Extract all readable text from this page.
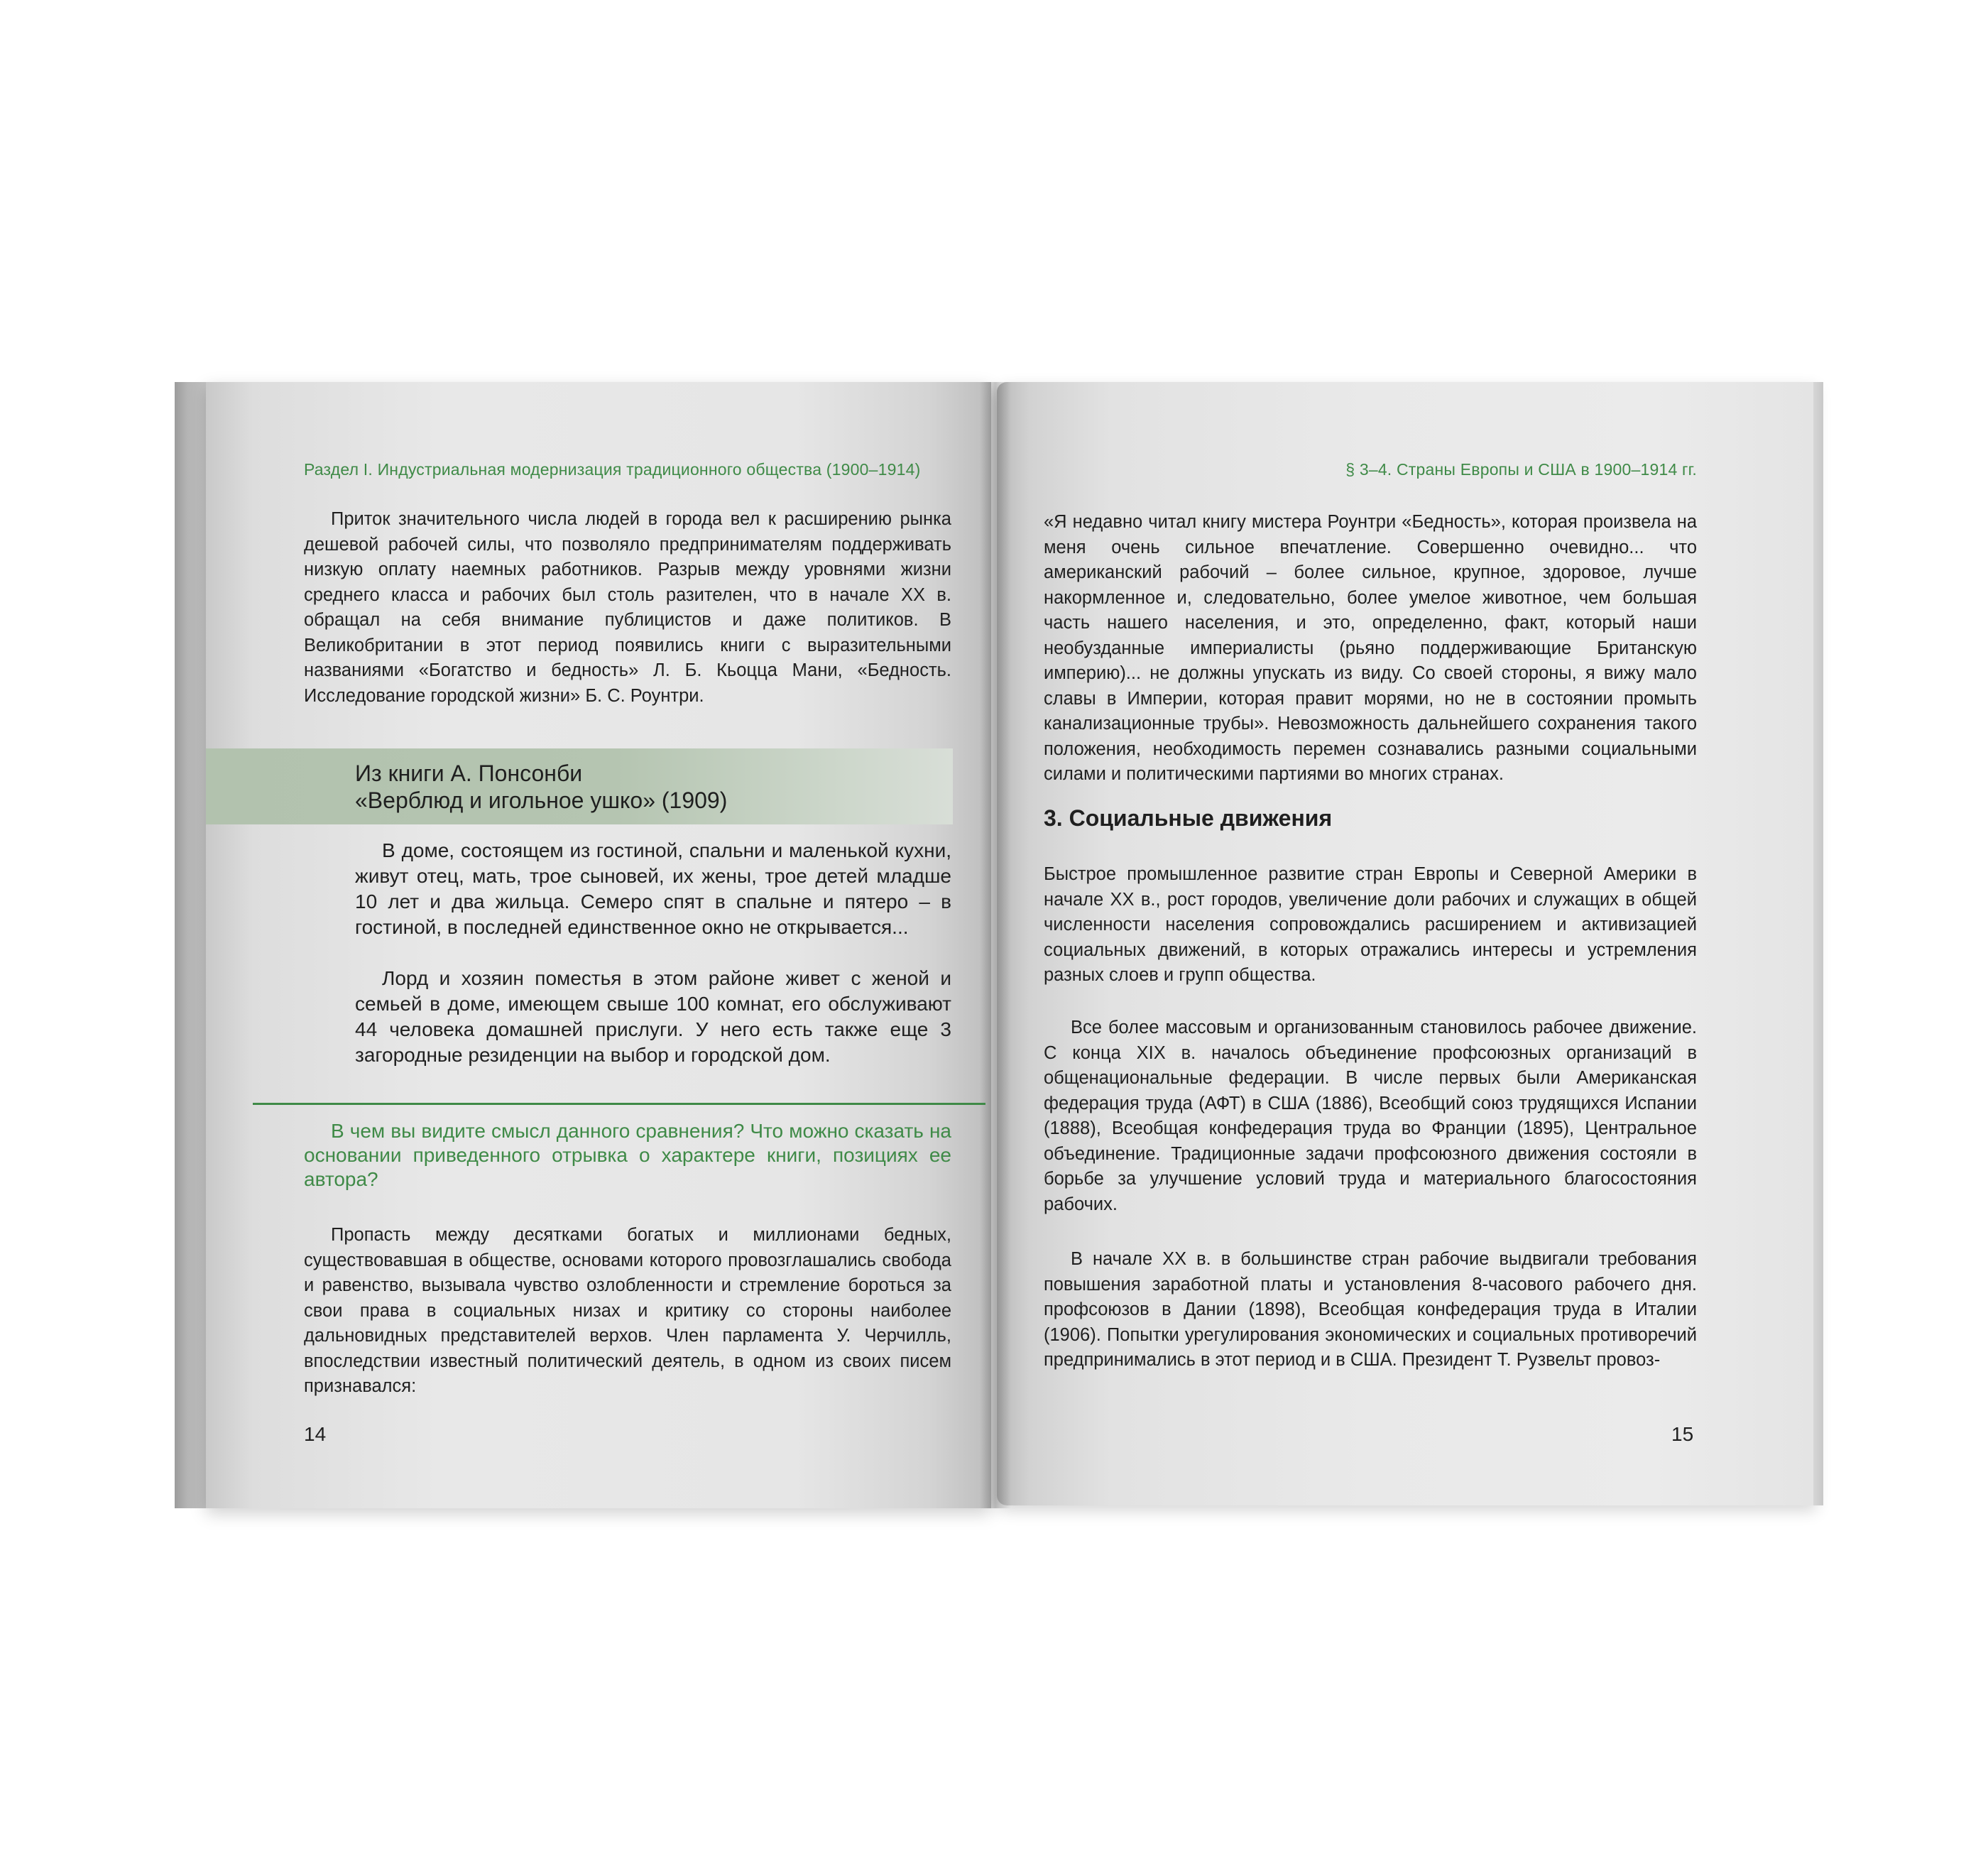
Раздел I. Индустриальная модернизация традиционного общества (1900–1914)
Приток значительного числа людей в города вел к расширению рынка дешевой рабочей силы, что позволяло предпринимателям поддерживать низкую оплату наемных работников. Разрыв между уровнями жизни среднего класса и рабочих был столь разителен, что в начале XX в. обращал на себя внимание публицистов и даже политиков. В Великобритании в этот период появились книги с выразительными названиями «Богатство и бедность» Л. Б. Кьоцца Мани, «Бедность. Исследование городской жизни» Б. С. Роунтри.
Из книги А. Понсонби
«Верблюд и игольное ушко» (1909)
В доме, состоящем из гостиной, спальни и маленькой кухни, живут отец, мать, трое сыновей, их жены, трое детей младше 10 лет и два жильца. Семеро спят в спальне и пятеро – в гостиной, в последней единственное окно не открывается...
Лорд и хозяин поместья в этом районе живет с женой и семьей в доме, имеющем свыше 100 комнат, его обслуживают 44 человека домашней прислуги. У него есть также еще 3 загородные резиденции на выбор и городской дом.
В чем вы видите смысл данного сравнения? Что можно сказать на основании приведенного отрывка о характере книги, позициях ее автора?
Пропасть между десятками богатых и миллионами бедных, существовавшая в обществе, основами которого провозглашались свобода и равенство, вызывала чувство озлобленности и стремление бороться за свои права в социальных низах и критику со стороны наиболее дальновидных представителей верхов. Член парламента У. Черчилль, впоследствии известный политический деятель, в одном из своих писем признавался:
14
§ 3–4. Страны Европы и США в 1900–1914 гг.
«Я недавно читал книгу мистера Роунтри «Бедность», которая произвела на меня очень сильное впечатление. Совершенно очевидно... что американский рабочий – более сильное, крупное, здоровое, лучше накормленное и, следовательно, более умелое животное, чем большая часть нашего населения, и это, определенно, факт, который наши необузданные империалисты (рьяно поддерживающие Британскую империю)... не должны упускать из виду. Со своей стороны, я вижу мало славы в Империи, которая правит морями, но не в состоянии промыть канализационные трубы». Невозможность дальнейшего сохранения такого положения, необходимость перемен сознавались разными социальными силами и политическими партиями во многих странах.
3. Социальные движения
Быстрое промышленное развитие стран Европы и Северной Америки в начале XX в., рост городов, увеличение доли рабочих и служащих в общей численности населения сопровождались расширением и активизацией социальных движений, в которых отражались интересы и устремления разных слоев и групп общества.
Все более массовым и организованным становилось рабочее движение. С конца XIX в. началось объединение профсоюзных организаций в общенациональные федерации. В числе первых были Американская федерация труда (АФТ) в США (1886), Всеобщий союз трудящихся Испании (1888), Всеобщая конфедерация труда во Франции (1895), Центральное объединение. Традиционные задачи профсоюзного движения состояли в борьбе за улучшение условий труда и материального благосостояния рабочих.
В начале XX в. в большинстве стран рабочие выдвигали требования повышения заработной платы и установления 8-часового рабочего дня. профсоюзов в Дании (1898), Всеобщая конфедерация труда в Италии (1906). Попытки урегулирования экономических и социальных противоречий предпринимались в этот период и в США. Президент Т. Рузвельт провоз-
15
